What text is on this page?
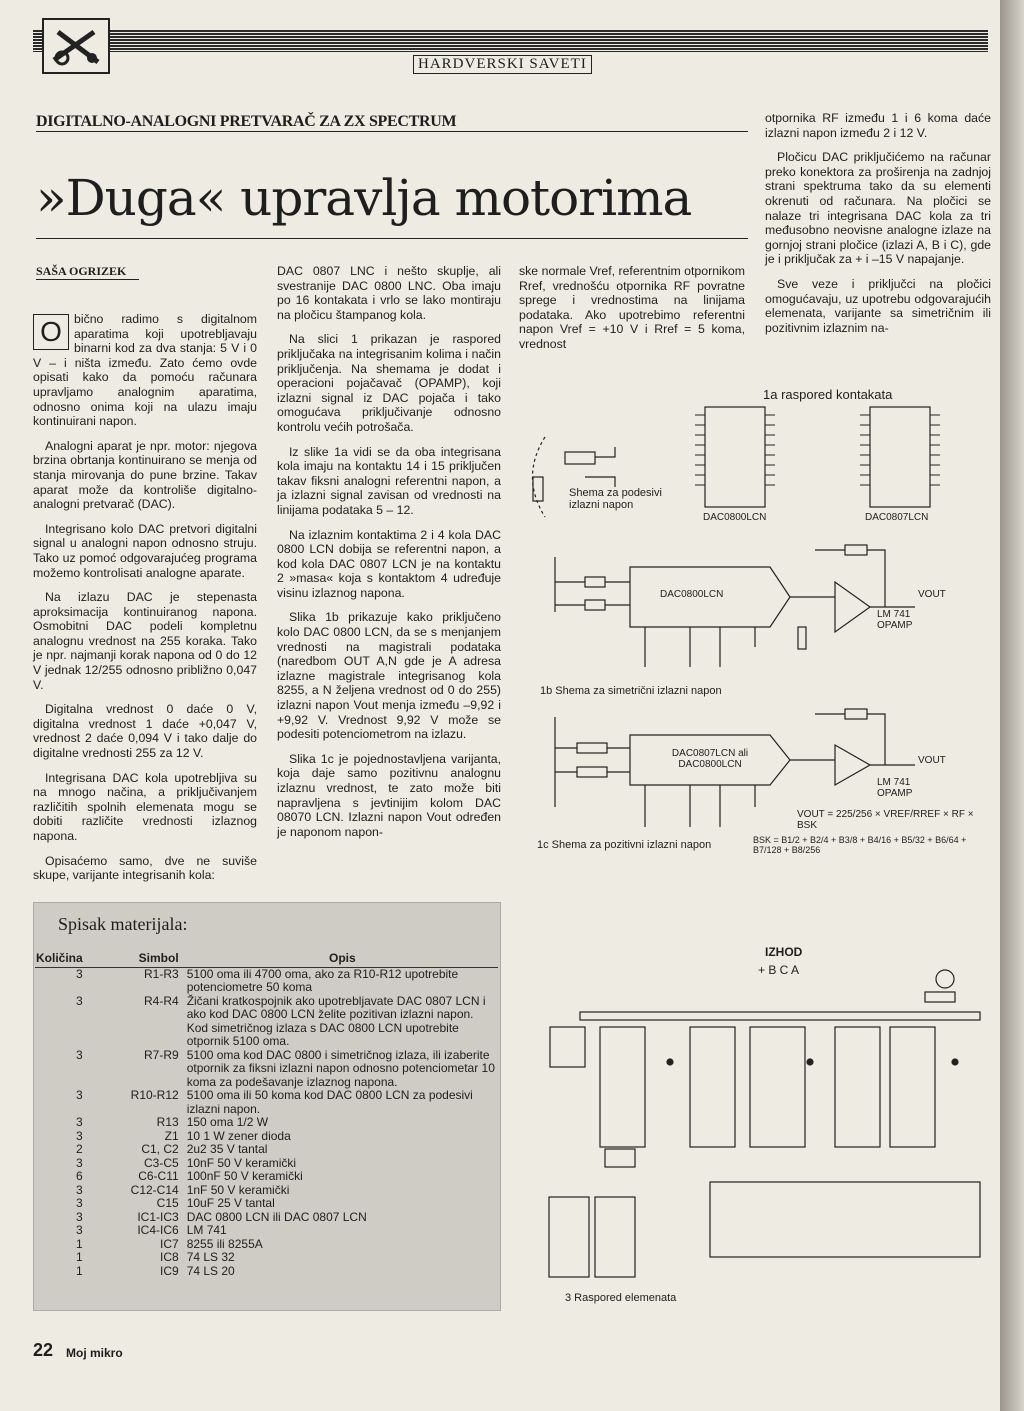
HARDVERSKI SAVETI
DIGITALNO-ANALOGNI PRETVARAČ ZA ZX SPECTRUM
»Duga« upravlja motorima
SAŠA OGRIZEK

O bično radimo s digitalnom aparatima koji upotrebljavaju binarni kod za dva stanja: 5 V i 0 V – i ništa između. Zato ćemo ovde opisati kako da pomoću računara upravljamo analognim aparatima, odnosno onima koji na ulazu imaju kontinuirani napon.

Analogni aparat je npr. motor: njegova brzina obrtanja kontinuirano se menja od stanja mirovanja do pune brzine. Takav aparat može da kontroliše digitalno-analogni pretvarač (DAC).

Integrisano kolo DAC pretvori digitalni signal u analogni napon odnosno struju. Tako uz pomoć odgovarajućeg programa možemo kontrolisati analogne aparate.

Na izlazu DAC je stepenasta aproksimacija kontinuiranog napona. Osmobitni DAC podeli kompletnu analognu vrednost na 255 koraka. Tako je npr. najmanji korak napona od 0 do 12 V jednak 12/255 odnosno približno 0,047 V.

Digitalna vrednost 0 daće 0 V, digitalna vrednost 1 daće +0,047 V, vrednost 2 daće 0,094 V i tako dalje do digitalne vrednosti 255 za 12 V.

Integrisana DAC kola upotrebljiva su na mnogo načina, a priključivanjem različitih spolnih elemenata mogu se dobiti različite vrednosti izlaznog napona.

Opisaćemo samo, dve ne suviše skupe, varijante integrisanih kola:

DAC 0807 LNC i nešto skuplje, ali svestranije DAC 0800 LNC. Oba imaju po 16 kontakata i vrlo se lako montiraju na pločicu štampanog kola.

Na slici 1 prikazan je raspored priključaka na integrisanim kolima i način priključenja. Na shemama je dodat i operacioni pojačavač (OPAMP), koji izlazni signal iz DAC pojača i tako omogućava priključivanje odnosno kontrolu većih potrošača.

Iz slike 1a vidi se da oba integrisana kola imaju na kontaktu 14 i 15 priključen takav fiksni analogni referentni napon, a ja izlazni signal zavisan od vrednosti na linijama podataka 5 – 12.

Na izlaznim kontaktima 2 i 4 kola DAC 0800 LCN dobija se referentni napon, a kod kola DAC 0807 LCN je na kontaktu 2 »masa« koja s kontaktom 4 udređuje visinu izlaznog napona.

Slika 1b prikazuje kako priključeno kolo DAC 0800 LCN, da se s menjanjem vrednosti na magistrali podataka (naredbom OUT A,N gde je A adresa izlazne magistrale integrisanog kola 8255, a N željena vrednost od 0 do 255) izlazni napon Vout menja između –9,92 i +9,92 V. Vrednost 9,92 V može se podesiti potenciometrom na izlazu.

Slika 1c je pojednostavljena varijanta, koja daje samo pozitivnu analognu izlaznu vrednost, te zato može biti napravljena s jevtinijim kolom DAC 08070 LCN. Izlazni napon Vout određen je naponom napon-

ske normale Vref, referentnim otpornikom Rref, vrednošću otpornika RF povratne sprege i vrednostima na linijama podataka. Ako upotrebimo referentni napon Vref = +10 V i Rref = 5 koma, vrednost

otpornika RF između 1 i 6 koma daće izlazni napon između 2 i 12 V.

Pločicu DAC priključićemo na računar preko konektora za proširenja na zadnjoj strani spektruma tako da su elementi okrenuti od računara. Na pločici se nalaze tri integrisana DAC kola za tri međusobno neovisne analogne izlaze na gornjoj strani pločice (izlazi A, B i C), gde je i priključak za + i –15 V napajanje.

Sve veze i priključci na pločici omogućavaju, uz upotrebu odgovarajućih elemenata, varijante sa simetričnim ili pozitivnim izlaznim na-

1a raspored kontakata
Shema za podesivi izlazni napon
DAC0800LCN	DAC0807LCN
DAC0800LCN	VOUT
LM 741 OPAMP
1b Shema za simetrični izlazni napon
DAC0807LCN ali DAC0800LCN	VOUT
LM 741 OPAMP
VOUT = 225/256 × VREF/RREF × RF × BSK
BSK = B1/2 + B2/4 + B3/8 + B4/16 + B5/32 + B6/64 + B7/128 + B8/256
1c Shema za pozitivni izlazni napon
IZHOD
+ B C A
3 Raspored elemenata
Spisak materijala:
Količina	Simbol	Opis
3	R1-R3	5100 oma ili 4700 oma, ako za R10-R12 upotrebite potenciometre 50 koma
3	R4-R4	Žičani kratkospojnik ako upotrebljavate DAC 0807 LCN i ako kod DAC 0800 LCN želite pozitivan izlazni napon. Kod simetričnog izlaza s DAC 0800 LCN upotrebite otpornik 5100 oma.
3	R7-R9	5100 oma kod DAC 0800 i simetričnog izlaza, ili izaberite otpornik za fiksni izlazni napon odnosno potenciometar 10 koma za podešavanje izlaznog napona.
3	R10-R12	5100 oma ili 50 koma kod DAC 0800 LCN za podesivi izlazni napon.
3	R13	150 oma 1/2 W
3	Z1	10 1 W zener dioda
2	C1, C2	2u2 35 V tantal
3	C3-C5	10nF 50 V keramički
6	C6-C11	100nF 50 V keramički
3	C12-C14	1nF 50 V keramički
3	C15	10uF 25 V tantal
3	IC1-IC3	DAC 0800 LCN ili DAC 0807 LCN
3	IC4-IC6	LM 741
1	IC7	8255 ili 8255A
1	IC8	74 LS 32
1	IC9	74 LS 20
22 Moj mikro
